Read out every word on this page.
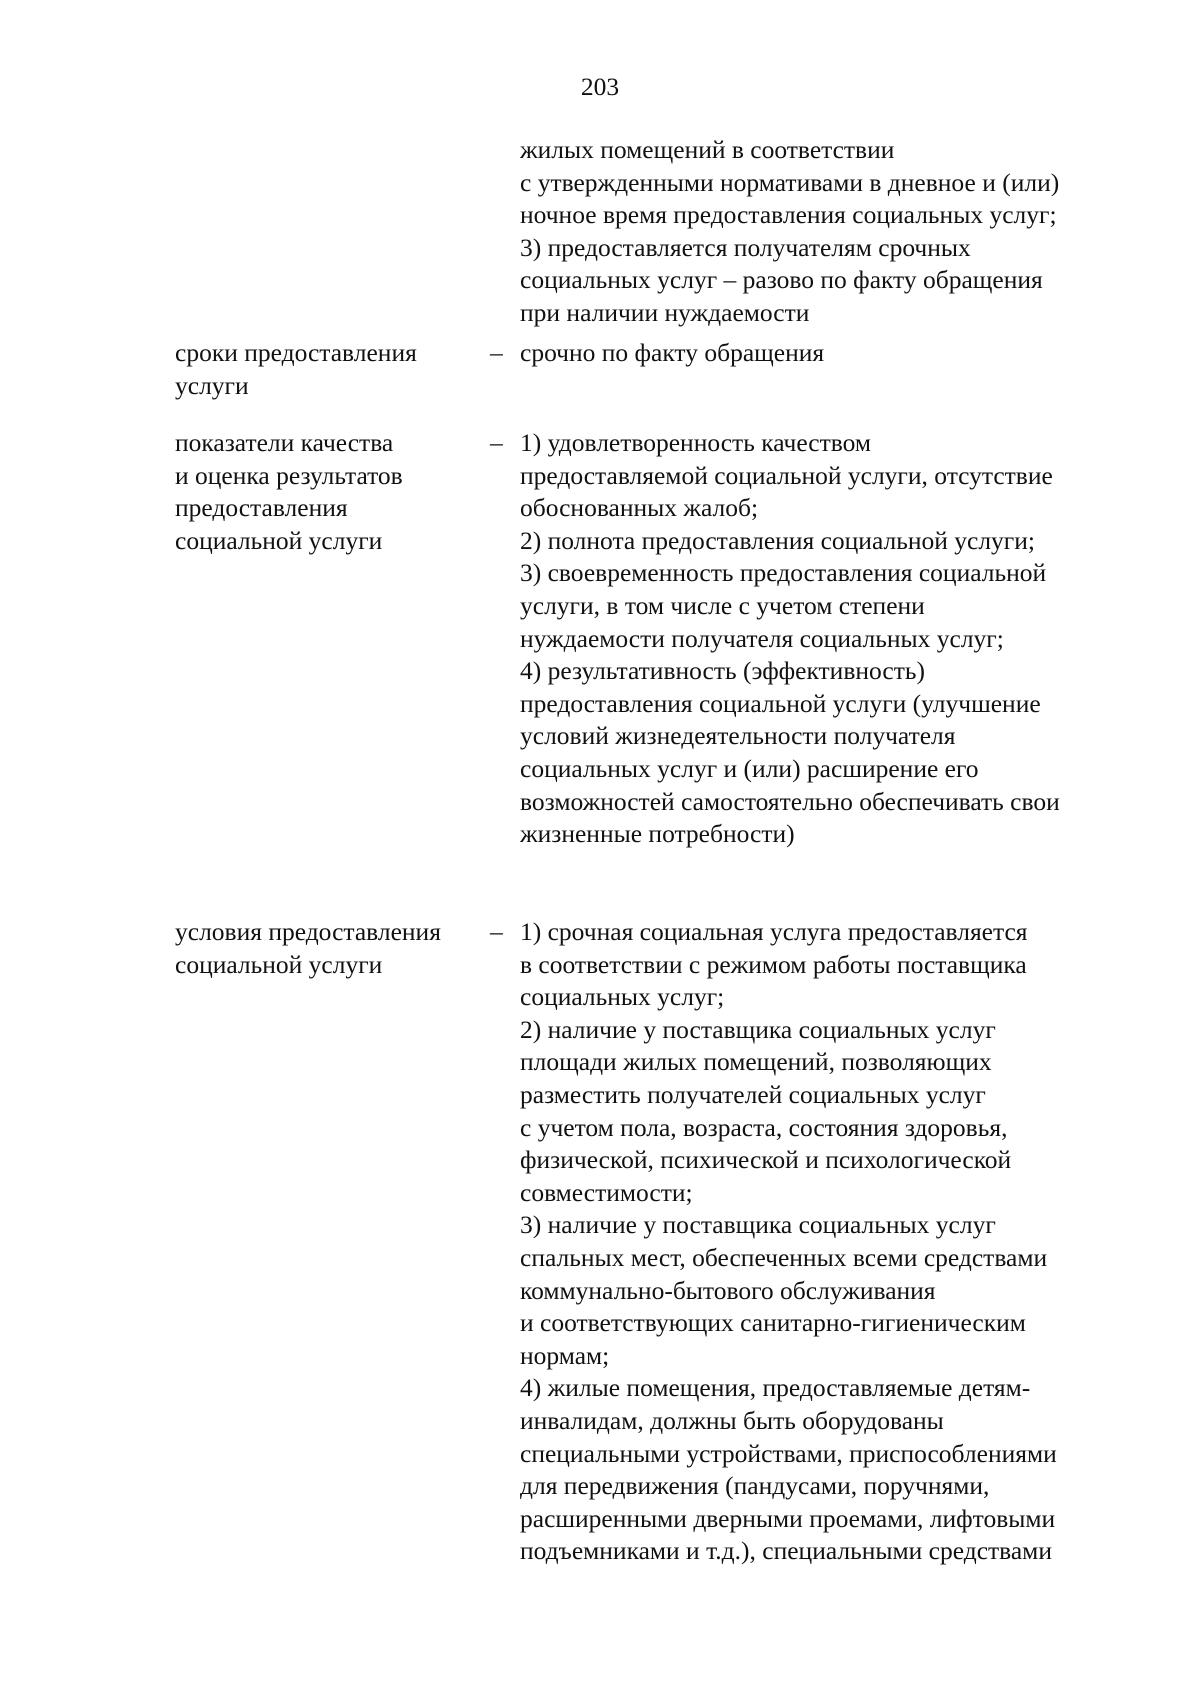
203
жилых помещений в соответствии
с утвержденными нормативами в дневное и (или)
ночное время предоставления социальных услуг;
3) предоставляется получателям срочных
социальных услуг – разово по факту обращения
при наличии нуждаемости
сроки предоставления
услуги
– срочно по факту обращения
показатели качества
и оценка результатов
предоставления
социальной услуги
– 1) удовлетворенность качеством
предоставляемой социальной услуги, отсутствие
обоснованных жалоб;
2) полнота предоставления социальной услуги;
3) своевременность предоставления социальной
услуги, в том числе с учетом степени
нуждаемости получателя социальных услуг;
4) результативность (эффективность)
предоставления социальной услуги (улучшение
условий жизнедеятельности получателя
социальных услуг и (или) расширение его
возможностей самостоятельно обеспечивать свои
жизненные потребности)
условия предоставления
социальной услуги
– 1) срочная социальная услуга предоставляется
в соответствии с режимом работы поставщика
социальных услуг;
2) наличие у поставщика социальных услуг
площади жилых помещений, позволяющих
разместить получателей социальных услуг
с учетом пола, возраста, состояния здоровья,
физической, психической и психологической
совместимости;
3) наличие у поставщика социальных услуг
спальных мест, обеспеченных всеми средствами
коммунально-бытового обслуживания
и соответствующих санитарно-гигиеническим
нормам;
4) жилые помещения, предоставляемые детям-
инвалидам, должны быть оборудованы
специальными устройствами, приспособлениями
для передвижения (пандусами, поручнями,
расширенными дверными проемами, лифтовыми
подъемниками и т.д.), специальными средствами
